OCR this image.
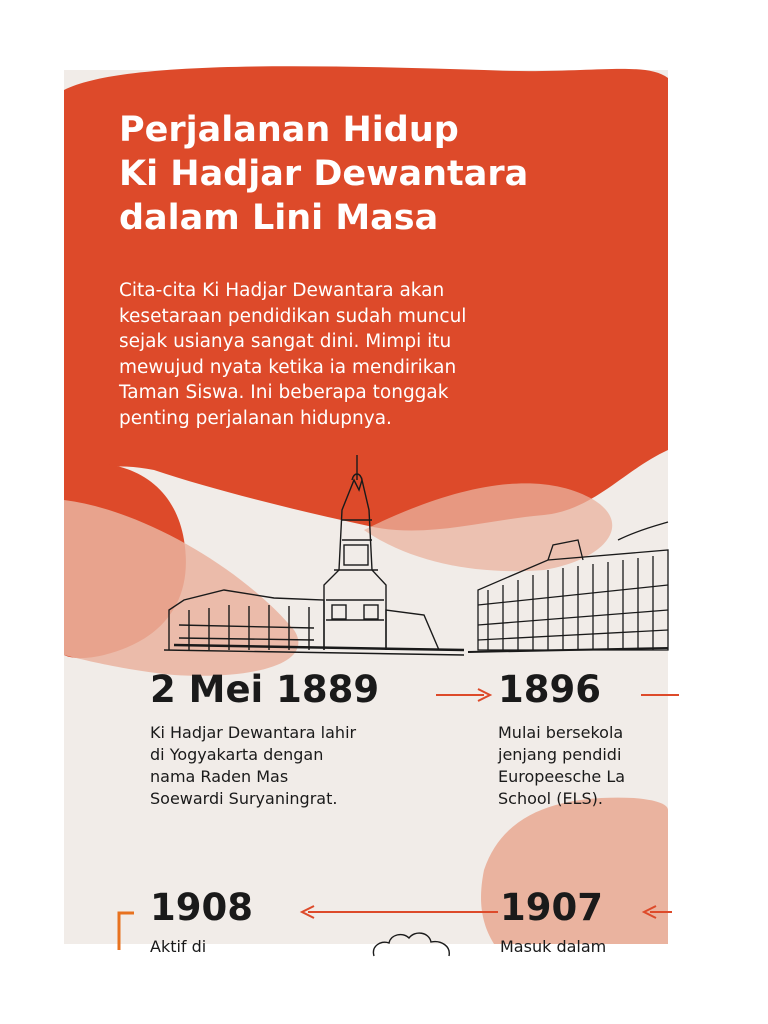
Perjalanan Hidup
Ki Hadjar Dewantara
dalam Lini Masa

Cita-cita Ki Hadjar Dewantara akan
kesetaraan pendidikan sudah muncul
sejak usianya sangat dini. Mimpi itu
mewujud nyata ketika ia mendirikan
Taman Siswa. Ini beberapa tonggak
penting perjalanan hidupnya.

2 Mei 1889

Ki Hadjar Dewantara lahir
di Yogyakarta dengan
nama Raden Mas
Soewardi Suryaningrat.

1896

Mulai bersekola
jenjang pendidi
Europeesche La
School (ELS).

1908

Aktif di

1907

Masuk dalam
